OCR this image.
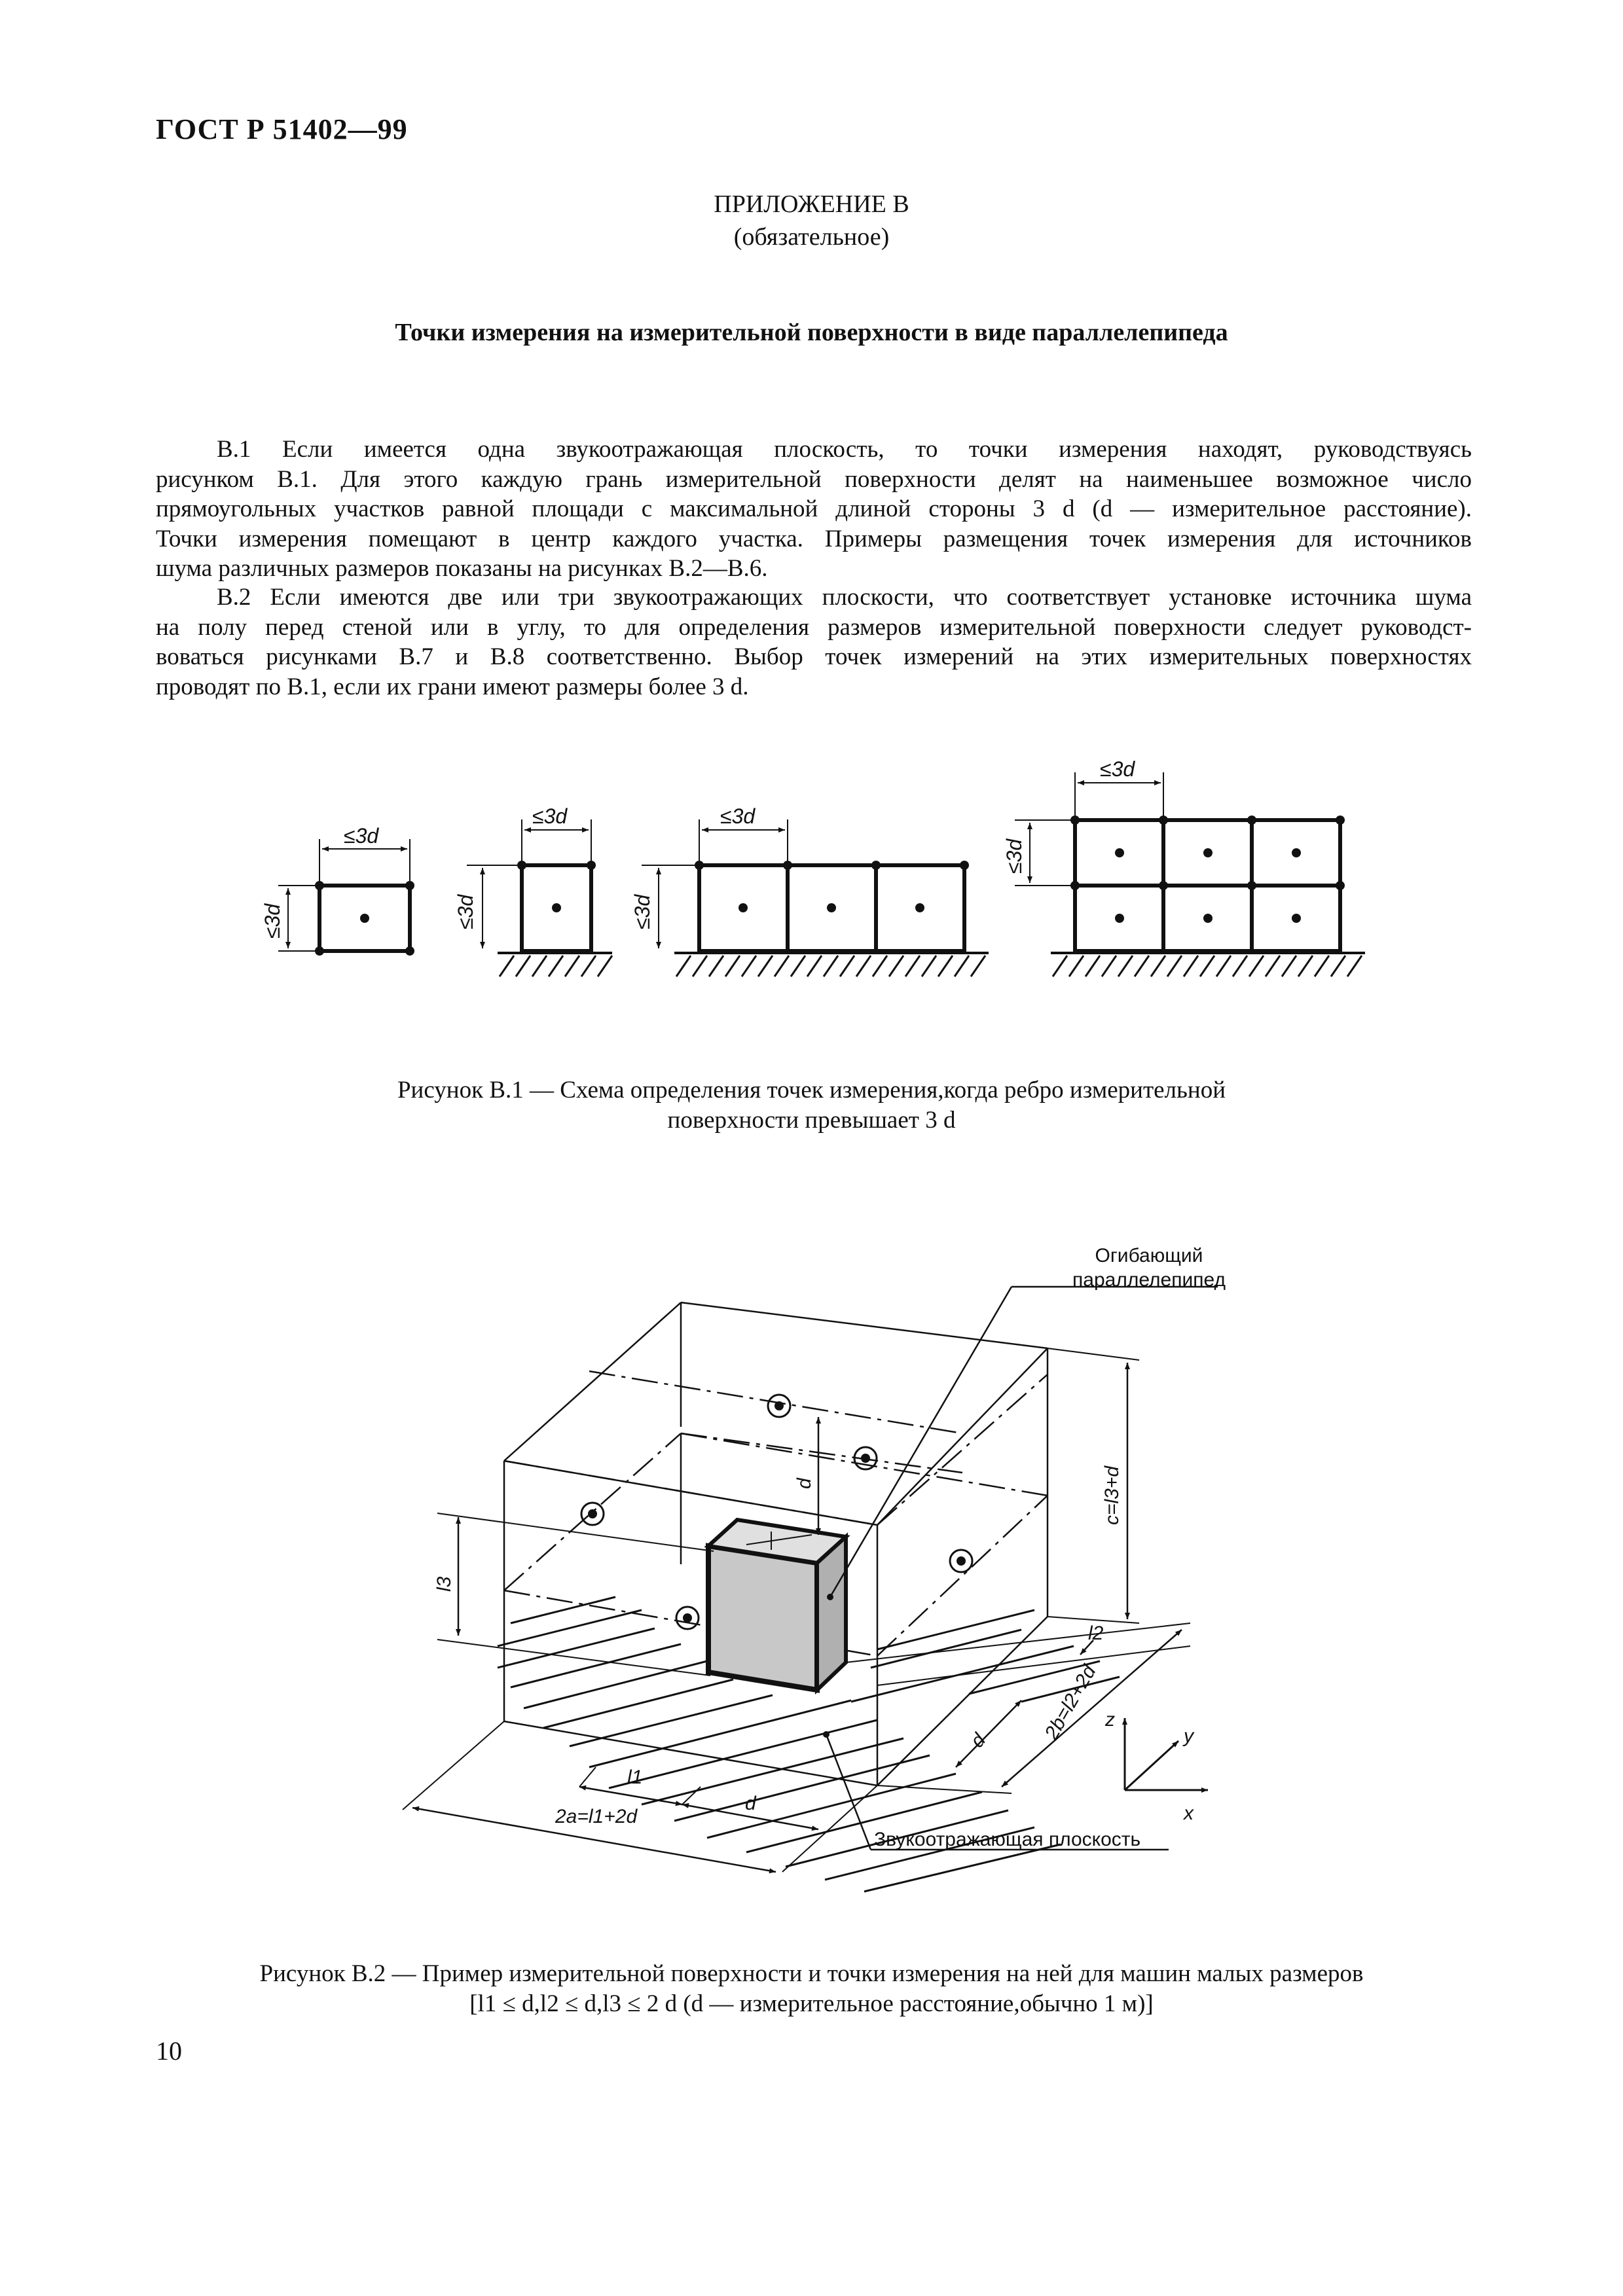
ГОСТ Р 51402—99
ПРИЛОЖЕНИЕ В
(обязательное)
Точки измерения на измерительной поверхности в виде параллелепипеда
В.1 Если имеется одна звукоотражающая плоскость, то точки измерения находят, руководствуясь
рисунком В.1. Для этого каждую грань измерительной поверхности делят на наименьшее возможное число
прямоугольных участков равной площади с максимальной длиной стороны 3 d (d — измерительное расстояние).
Точки измерения помещают в центр каждого участка. Примеры размещения точек измерения для источников
шума различных размеров показаны на рисунках В.2—В.6.
В.2 Если имеются две или три звукоотражающих плоскости, что соответствует установке источника шума
на полу перед стеной или в углу, то для определения размеров измерительной поверхности следует руководст-
воваться рисунками В.7 и В.8 соответственно. Выбор точек измерений на этих измерительных поверхностях
проводят по В.1, если их грани имеют размеры более 3 d.
≤3d
≤3d	≤3d
≤3d
≤3d	≤3d	≤3d
≤3d
Огибающий
параллелепипед
Звукоотражающая плоскость
d	c=l3+d
l3
l2
2b=l2+2d
d
l1
d
2a=l1+2d
z
y
x
Рисунок В.1 — Схема определения точек измерения,когда ребро измерительной
поверхности превышает 3 d
Рисунок В.2 — Пример измерительной поверхности и точки измерения на ней для машин малых размеров
[l1 ≤ d,l2 ≤ d,l3 ≤ 2 d (d — измерительное расстояние,обычно 1 м)]
10
